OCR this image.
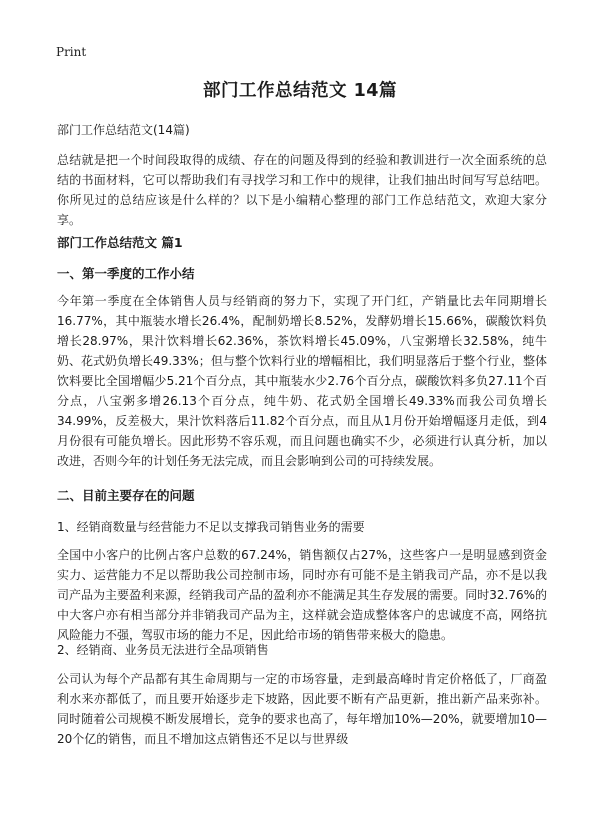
Print
部门工作总结范文 14篇
部门工作总结范文(14篇)

总结就是把一个时间段取得的成绩、存在的问题及得到的经验和教训进行一次全面系统的总结的书面材料，它可以帮助我们有寻找学习和工作中的规律，让我们抽出时间写写总结吧。你所见过的总结应该是什么样的？以下是小编精心整理的部门工作总结范文，欢迎大家分享。

部门工作总结范文 篇1
一、第一季度的工作小结

今年第一季度在全体销售人员与经销商的努力下，实现了开门红，产销量比去年同期增长16.77%，其中瓶装水增长26.4%，配制奶增长8.52%，发酵奶增长15.66%，碳酸饮料负增长28.97%，果汁饮料增长62.36%，茶饮料增长45.09%，八宝粥增长32.58%，纯牛奶、花式奶负增长49.33%；但与整个饮料行业的增幅相比，我们明显落后于整个行业，整体饮料要比全国增幅少5.21个百分点，其中瓶装水少2.76个百分点，碳酸饮料多负27.11个百分点，八宝粥多增26.13个百分点，纯牛奶、花式奶全国增长49.33%而我公司负增长34.99%，反差极大，果汁饮料落后11.82个百分点，而且从1月份开始增幅逐月走低，到4月份很有可能负增长。因此形势不容乐观，而且问题也确实不少，必须进行认真分析，加以改进，否则今年的计划任务无法完成，而且会影响到公司的可持续发展。

二、目前主要存在的问题
1、经销商数量与经营能力不足以支撑我司销售业务的需要

全国中小客户的比例占客户总数的67.24%，销售额仅占27%，这些客户一是明显感到资金实力、运营能力不足以帮助我公司控制市场，同时亦有可能不是主销我司产品，亦不是以我司产品为主要盈利来源，经销我司产品的盈利亦不能满足其生存发展的需要。同时32.76%的中大客户亦有相当部分并非销我司产品为主，这样就会造成整体客户的忠诚度不高，网络抗风险能力不强，驾驭市场的能力不足，因此给市场的销售带来极大的隐患。

2、经销商、业务员无法进行全品项销售

公司认为每个产品都有其生命周期与一定的市场容量，走到最高峰时肯定价格低了，厂商盈利水来亦都低了，而且要开始逐步走下坡路，因此要不断有产品更新，推出新产品来弥补。同时随着公司规模不断发展增长，竞争的要求也高了，每年增加10%—20%，就要增加10—20个亿的销售，而且不增加这点销售还不足以与世界级
